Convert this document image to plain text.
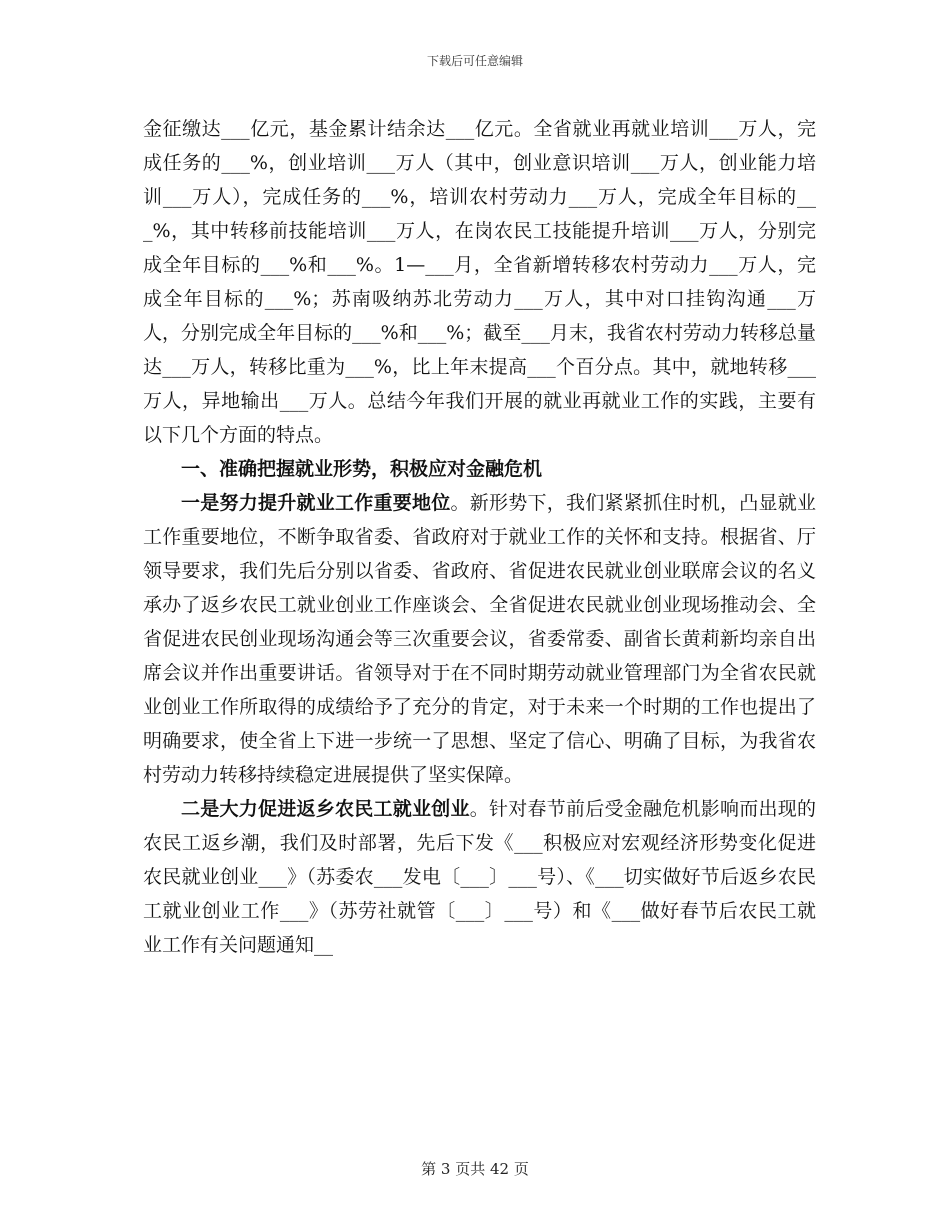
下载后可任意编辑

金征缴达___亿元，基金累计结余达___亿元。全省就业再就业培训___万人，完成任务的___%，创业培训___万人（其中，创业意识培训___万人，创业能力培训___万人），完成任务的___%，培训农村劳动力___万人，完成全年目标的___%，其中转移前技能培训___万人，在岗农民工技能提升培训___万人，分别完成全年目标的___%和___%。1—___月，全省新增转移农村劳动力___万人，完成全年目标的___%；苏南吸纳苏北劳动力___万人，其中对口挂钩沟通___万人，分别完成全年目标的___%和___%；截至___月末，我省农村劳动力转移总量达___万人，转移比重为___%，比上年末提高___个百分点。其中，就地转移___万人，异地输出___万人。总结今年我们开展的就业再就业工作的实践，主要有以下几个方面的特点。

一、准确把握就业形势，积极应对金融危机

一是努力提升就业工作重要地位。新形势下，我们紧紧抓住时机，凸显就业工作重要地位，不断争取省委、省政府对于就业工作的关怀和支持。根据省、厅领导要求，我们先后分别以省委、省政府、省促进农民就业创业联席会议的名义承办了返乡农民工就业创业工作座谈会、全省促进农民就业创业现场推动会、全省促进农民创业现场沟通会等三次重要会议，省委常委、副省长黄莉新均亲自出席会议并作出重要讲话。省领导对于在不同时期劳动就业管理部门为全省农民就业创业工作所取得的成绩给予了充分的肯定，对于未来一个时期的工作也提出了明确要求，使全省上下进一步统一了思想、坚定了信心、明确了目标，为我省农村劳动力转移持续稳定进展提供了坚实保障。

二是大力促进返乡农民工就业创业。针对春节前后受金融危机影响而出现的农民工返乡潮，我们及时部署，先后下发《___积极应对宏观经济形势变化促进农民就业创业___》（苏委农___发电〔___〕___号）、《___切实做好节后返乡农民工就业创业工作___》（苏劳社就管〔___〕___号）和《___做好春节后农民工就业工作有关问题通知__

第 3 页共 42 页
